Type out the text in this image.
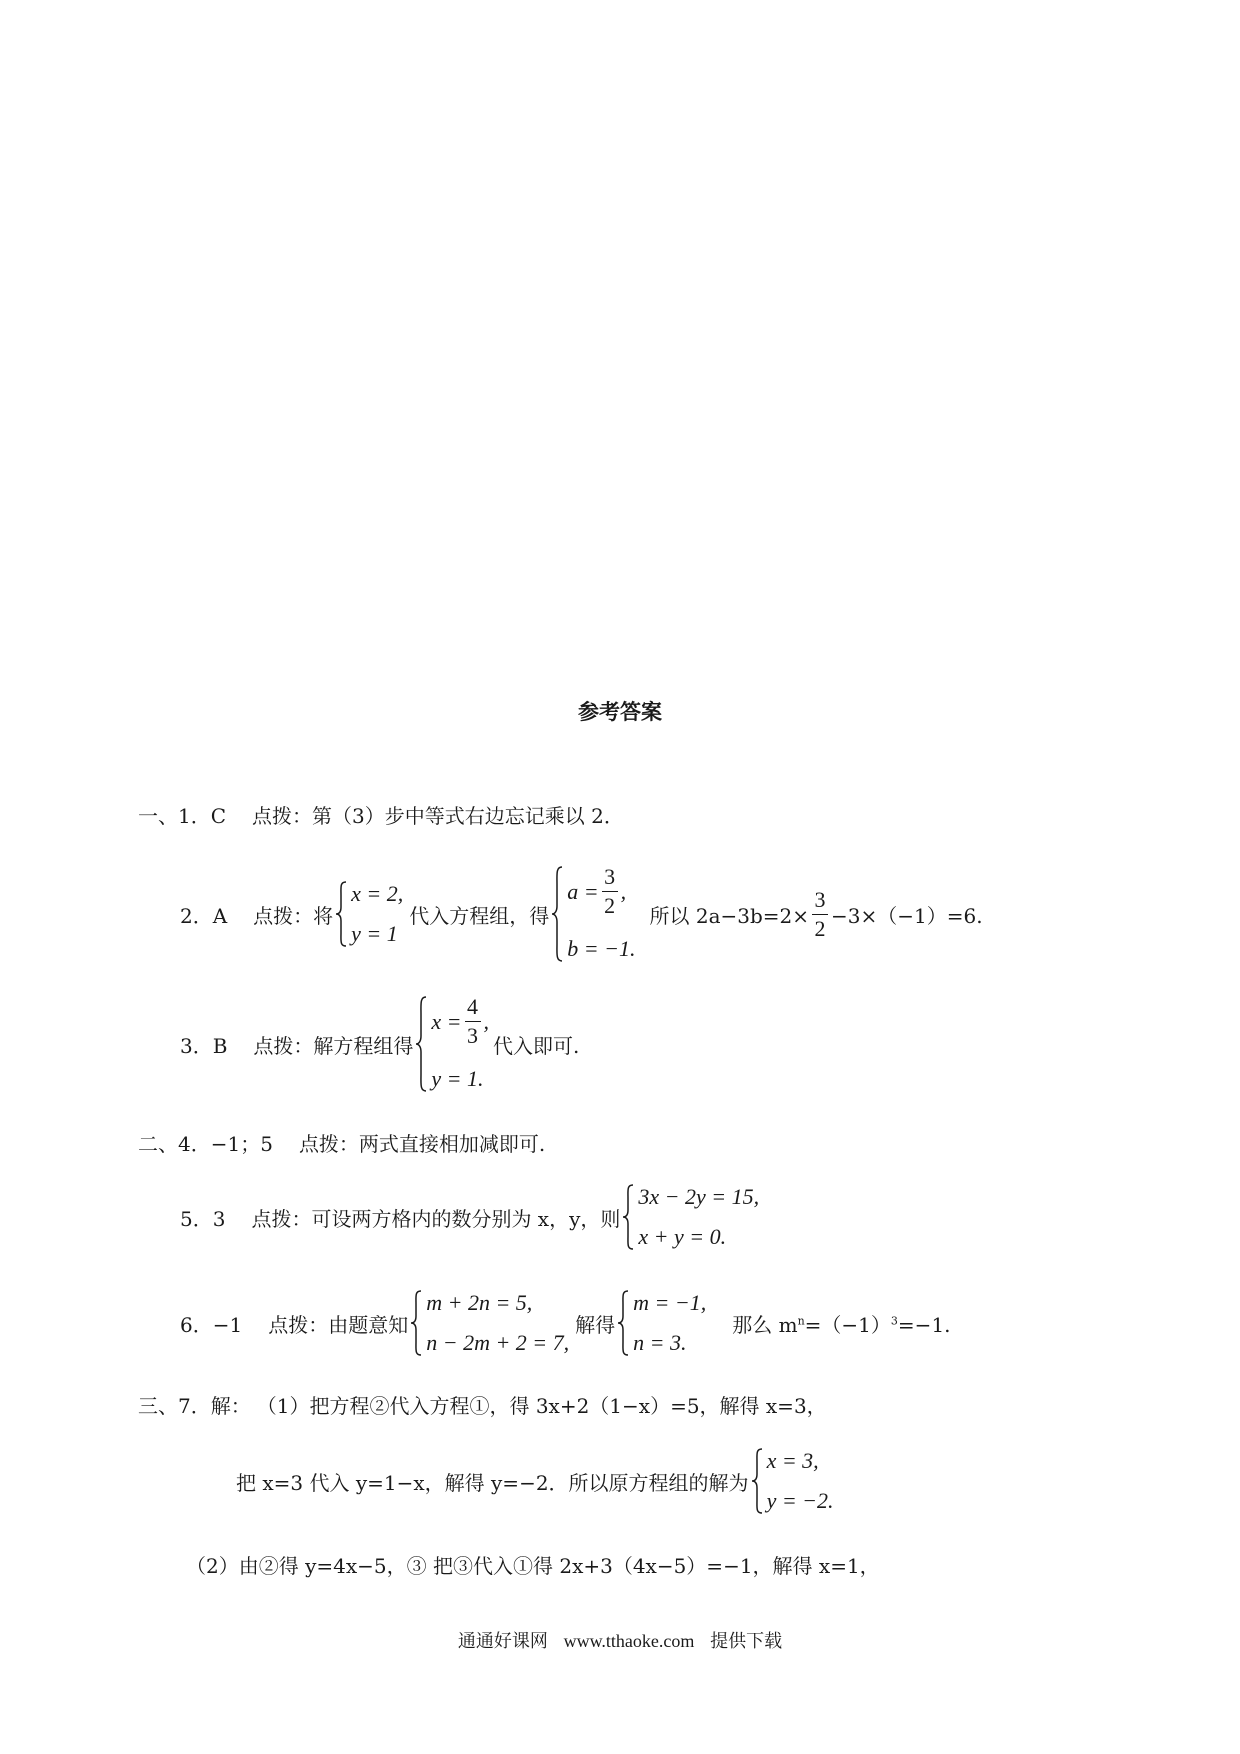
参考答案
一、1．C 点拨：第（3）步中等式右边忘记乘以 2．
2．A 点拨：将
x = 2,
y = 1
代入方程组，得
$a = \frac{3}{2}$ ,
b = −1.
所以 $2a-3b=2\times \frac{3}{2} -3\times(-1)=6$.
3．B 点拨：解方程组得
$x = \frac{4}{3}$ ,
y = 1.
代入即可.
二、4．−1；5 点拨：两式直接相加减即可.
5．3 点拨：可设两方格内的数分别为 x，y，则
3x − 2y = 15,
x + y = 0.
6．−1 点拨：由题意知
m + 2n = 5,
n − 2m + 2 = 7,
解得
m = −1,
n = 3.
那么 $m^n=(-1)^3=-1$.
三、7．解： （1）把方程②代入方程①，得 3x+2（1−x）=5，解得 x=3，
把 x=3 代入 y=1−x，解得 y=−2．所以原方程组的解为
x = 3,
y = −2.
（2）由②得 y=4x−5，③ 把③代入①得 2x+3（4x−5）=−1，解得 x=1，
通通好课网 www.tthaoke.com 提供下载
